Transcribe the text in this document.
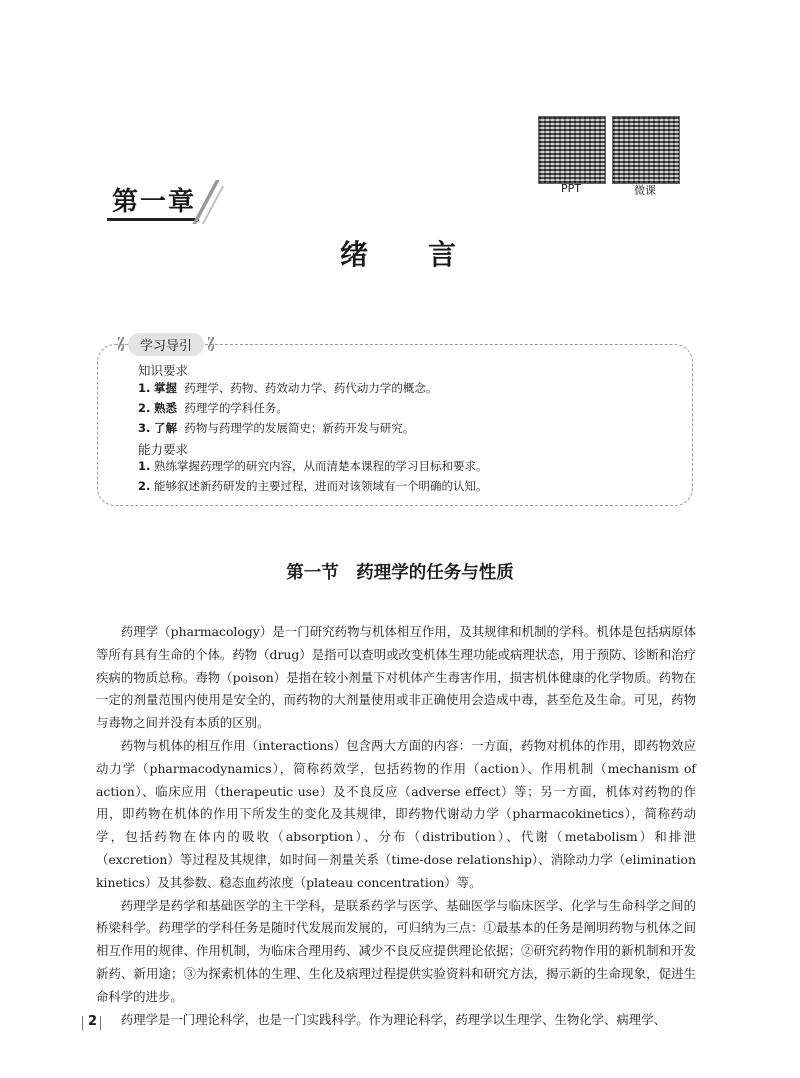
PPT	微课
第一章
绪 言
学习导引
知识要求
1. 掌握 药理学、药物、药效动力学、药代动力学的概念。
2. 熟悉 药理学的学科任务。
3. 了解 药物与药理学的发展简史；新药开发与研究。
能力要求
1. 熟练掌握药理学的研究内容，从而清楚本课程的学习目标和要求。
2. 能够叙述新药研发的主要过程，进而对该领域有一个明确的认知。
第一节　药理学的任务与性质

药理学（pharmacology）是一门研究药物与机体相互作用，及其规律和机制的学科。机体是包括病原体等所有具有生命的个体。药物（drug）是指可以查明或改变机体生理功能或病理状态，用于预防、诊断和治疗疾病的物质总称。毒物（poison）是指在较小剂量下对机体产生毒害作用，损害机体健康的化学物质。药物在一定的剂量范围内使用是安全的，而药物的大剂量使用或非正确使用会造成中毒，甚至危及生命。可见，药物与毒物之间并没有本质的区别。

药物与机体的相互作用（interactions）包含两大方面的内容：一方面，药物对机体的作用，即药物效应动力学（pharmacodynamics），简称药效学，包括药物的作用（action）、作用机制（mechanism of action）、临床应用（therapeutic use）及不良反应（adverse effect）等；另一方面，机体对药物的作用，即药物在机体的作用下所发生的变化及其规律，即药物代谢动力学（pharmacokinetics），简称药动学，包括药物在体内的吸收（absorption）、分布（distribution）、代谢（metabolism）和排泄（excretion）等过程及其规律，如时间－剂量关系（time-dose relationship）、消除动力学（elimination kinetics）及其参数、稳态血药浓度（plateau concentration）等。

药理学是药学和基础医学的主干学科，是联系药学与医学、基础医学与临床医学、化学与生命科学之间的桥梁科学。药理学的学科任务是随时代发展而发展的，可归纳为三点：①最基本的任务是阐明药物与机体之间相互作用的规律、作用机制，为临床合理用药、减少不良反应提供理论依据；②研究药物作用的新机制和开发新药、新用途；③为探索机体的生理、生化及病理过程提供实验资料和研究方法，揭示新的生命现象，促进生命科学的进步。

药理学是一门理论科学，也是一门实践科学。作为理论科学，药理学以生理学、生物化学、病理学、

2
